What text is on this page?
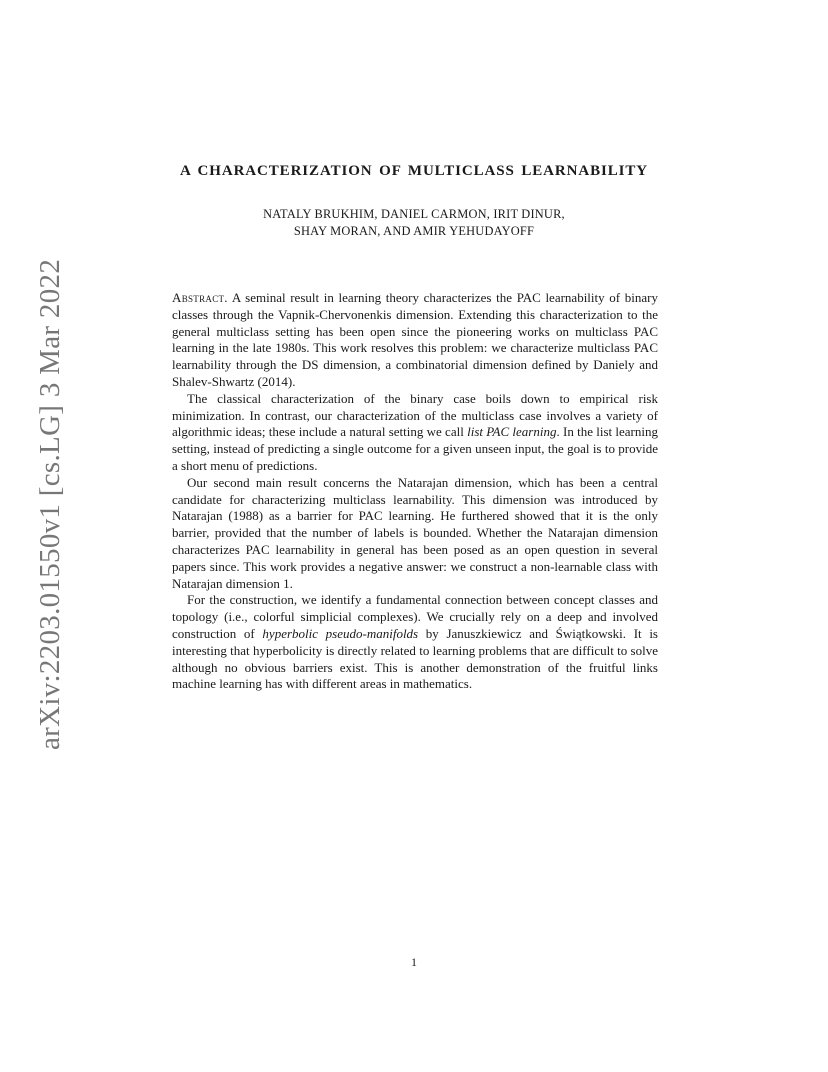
arXiv:2203.01550v1 [cs.LG] 3 Mar 2022
A CHARACTERIZATION OF MULTICLASS LEARNABILITY
NATALY BRUKHIM, DANIEL CARMON, IRIT DINUR,
SHAY MORAN, AND AMIR YEHUDAYOFF

Abstract. A seminal result in learning theory characterizes the PAC learnability of binary classes through the Vapnik-Chervonenkis dimension. Extending this characterization to the general multiclass setting has been open since the pioneering works on multiclass PAC learning in the late 1980s. This work resolves this problem: we characterize multiclass PAC learnability through the DS dimension, a combinatorial dimension defined by Daniely and Shalev-Shwartz (2014).

The classical characterization of the binary case boils down to empirical risk minimization. In contrast, our characterization of the multiclass case involves a variety of algorithmic ideas; these include a natural setting we call list PAC learning. In the list learning setting, instead of predicting a single outcome for a given unseen input, the goal is to provide a short menu of predictions.

Our second main result concerns the Natarajan dimension, which has been a central candidate for characterizing multiclass learnability. This dimension was introduced by Natarajan (1988) as a barrier for PAC learning. He furthered showed that it is the only barrier, provided that the number of labels is bounded. Whether the Natarajan dimension characterizes PAC learnability in general has been posed as an open question in several papers since. This work provides a negative answer: we construct a non-learnable class with Natarajan dimension 1.

For the construction, we identify a fundamental connection between concept classes and topology (i.e., colorful simplicial complexes). We crucially rely on a deep and involved construction of hyperbolic pseudo-manifolds by Januszkiewicz and Świątkowski. It is interesting that hyperbolicity is directly related to learning problems that are difficult to solve although no obvious barriers exist. This is another demonstration of the fruitful links machine learning has with different areas in mathematics.

1
